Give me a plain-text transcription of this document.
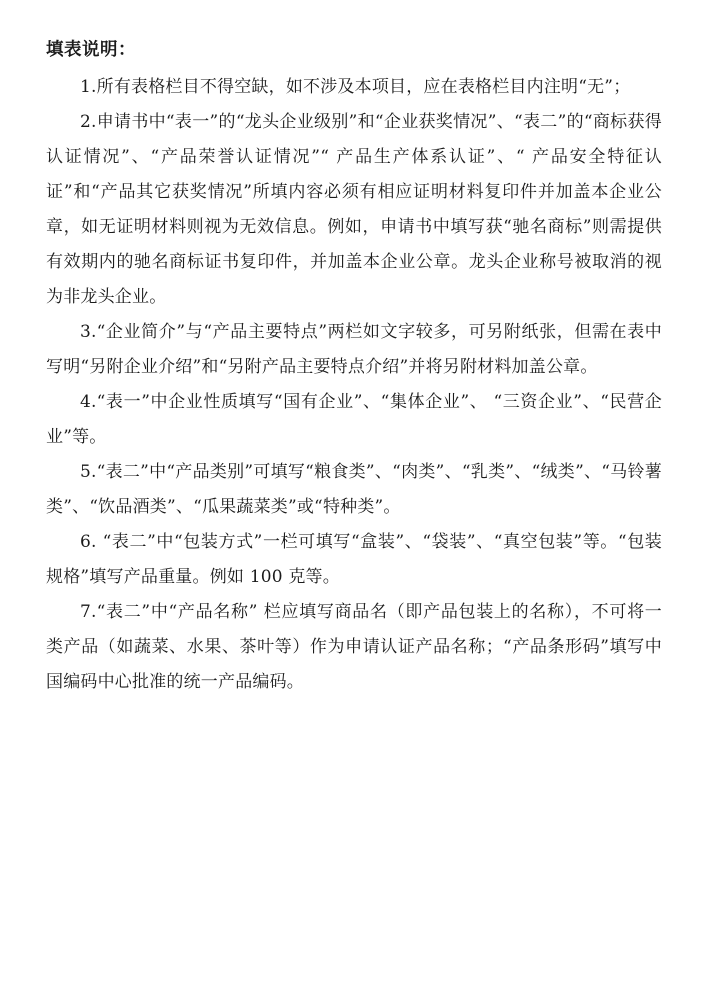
填表说明：

1.所有表格栏目不得空缺，如不涉及本项目，应在表格栏目内注明“无”；

2.申请书中“表一”的“龙头企业级别”和“企业获奖情况”、“表二”的“商标获得认证情况”、“产品荣誉认证情况”“ 产品生产体系认证”、“ 产品安全特征认证”和“产品其它获奖情况”所填内容必须有相应证明材料复印件并加盖本企业公章，如无证明材料则视为无效信息。例如，申请书中填写获“驰名商标”则需提供有效期内的驰名商标证书复印件，并加盖本企业公章。龙头企业称号被取消的视为非龙头企业。

3.“企业简介”与“产品主要特点”两栏如文字较多，可另附纸张，但需在表中写明“另附企业介绍”和“另附产品主要特点介绍”并将另附材料加盖公章。

4.“表一”中企业性质填写“国有企业”、“集体企业”、 “三资企业”、“民营企业”等。

5.“表二”中“产品类别”可填写“粮食类”、“肉类”、“乳类”、“绒类”、“马铃薯类”、“饮品酒类”、“瓜果蔬菜类”或“特种类”。

6. “表二”中“包装方式”一栏可填写“盒装”、“袋装”、“真空包装”等。“包装规格”填写产品重量。例如 100 克等。

7.“表二”中“产品名称” 栏应填写商品名（即产品包装上的名称），不可将一类产品（如蔬菜、水果、茶叶等）作为申请认证产品名称；“产品条形码”填写中国编码中心批准的统一产品编码。
